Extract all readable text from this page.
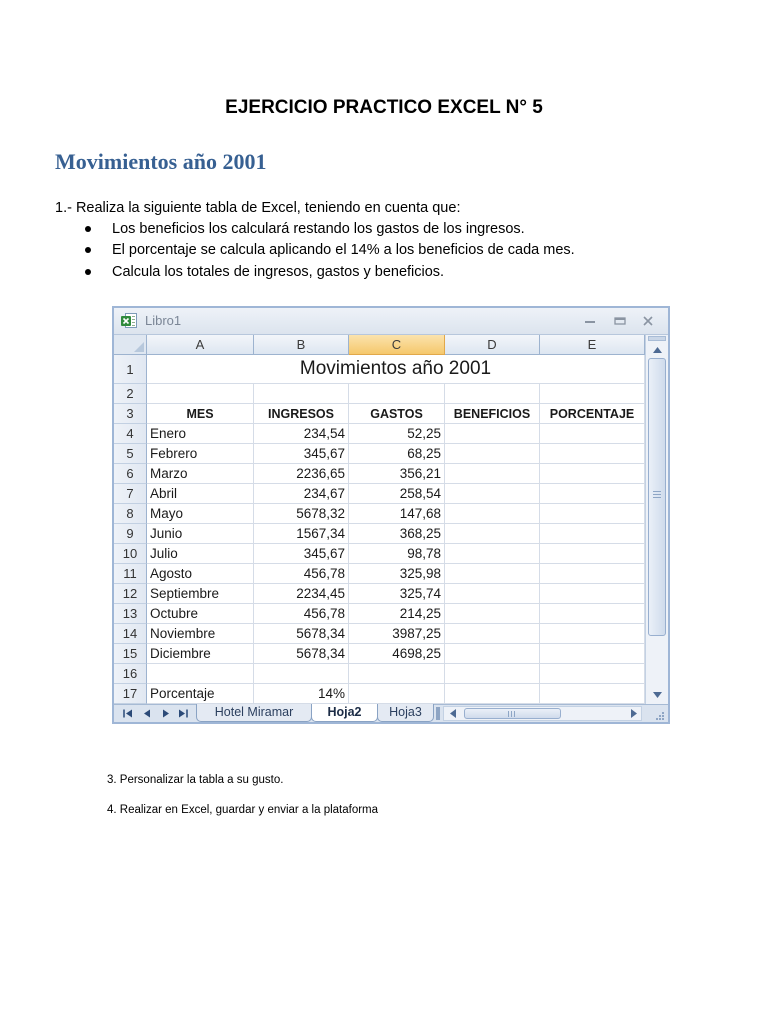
EJERCICIO PRACTICO EXCEL N° 5
Movimientos año 2001

1.- Realiza la siguiente tabla de Excel, teniendo en cuenta que:

Los beneficios los calculará restando los gastos de los ingresos.
El porcentaje se calcula aplicando el 14% a los beneficios de cada mes.
Calcula los totales de ingresos, gastos y beneficios.
Libro1
A	B	C	D	E
1	Movimientos año 2001
2
3	MES	INGRESOS	GASTOS	BENEFICIOS	PORCENTAJE
4	Enero	234,54	52,25
5	Febrero	345,67	68,25
6	Marzo	2236,65	356,21
7	Abril	234,67	258,54
8	Mayo	5678,32	147,68
9	Junio	1567,34	368,25
10 Julio	345,67	98,78
11 Agosto	456,78	325,98
12 Septiembre	2234,45	325,74
13 Octubre	456,78	214,25
14 Noviembre	5678,34	3987,25
15 Diciembre	5678,34	4698,25
16
17 Porcentaje	14%
Hotel Miramar	Hoja2	Hoja3

3. Personalizar la tabla a su gusto.

4. Realizar en Excel, guardar y enviar a la plataforma
